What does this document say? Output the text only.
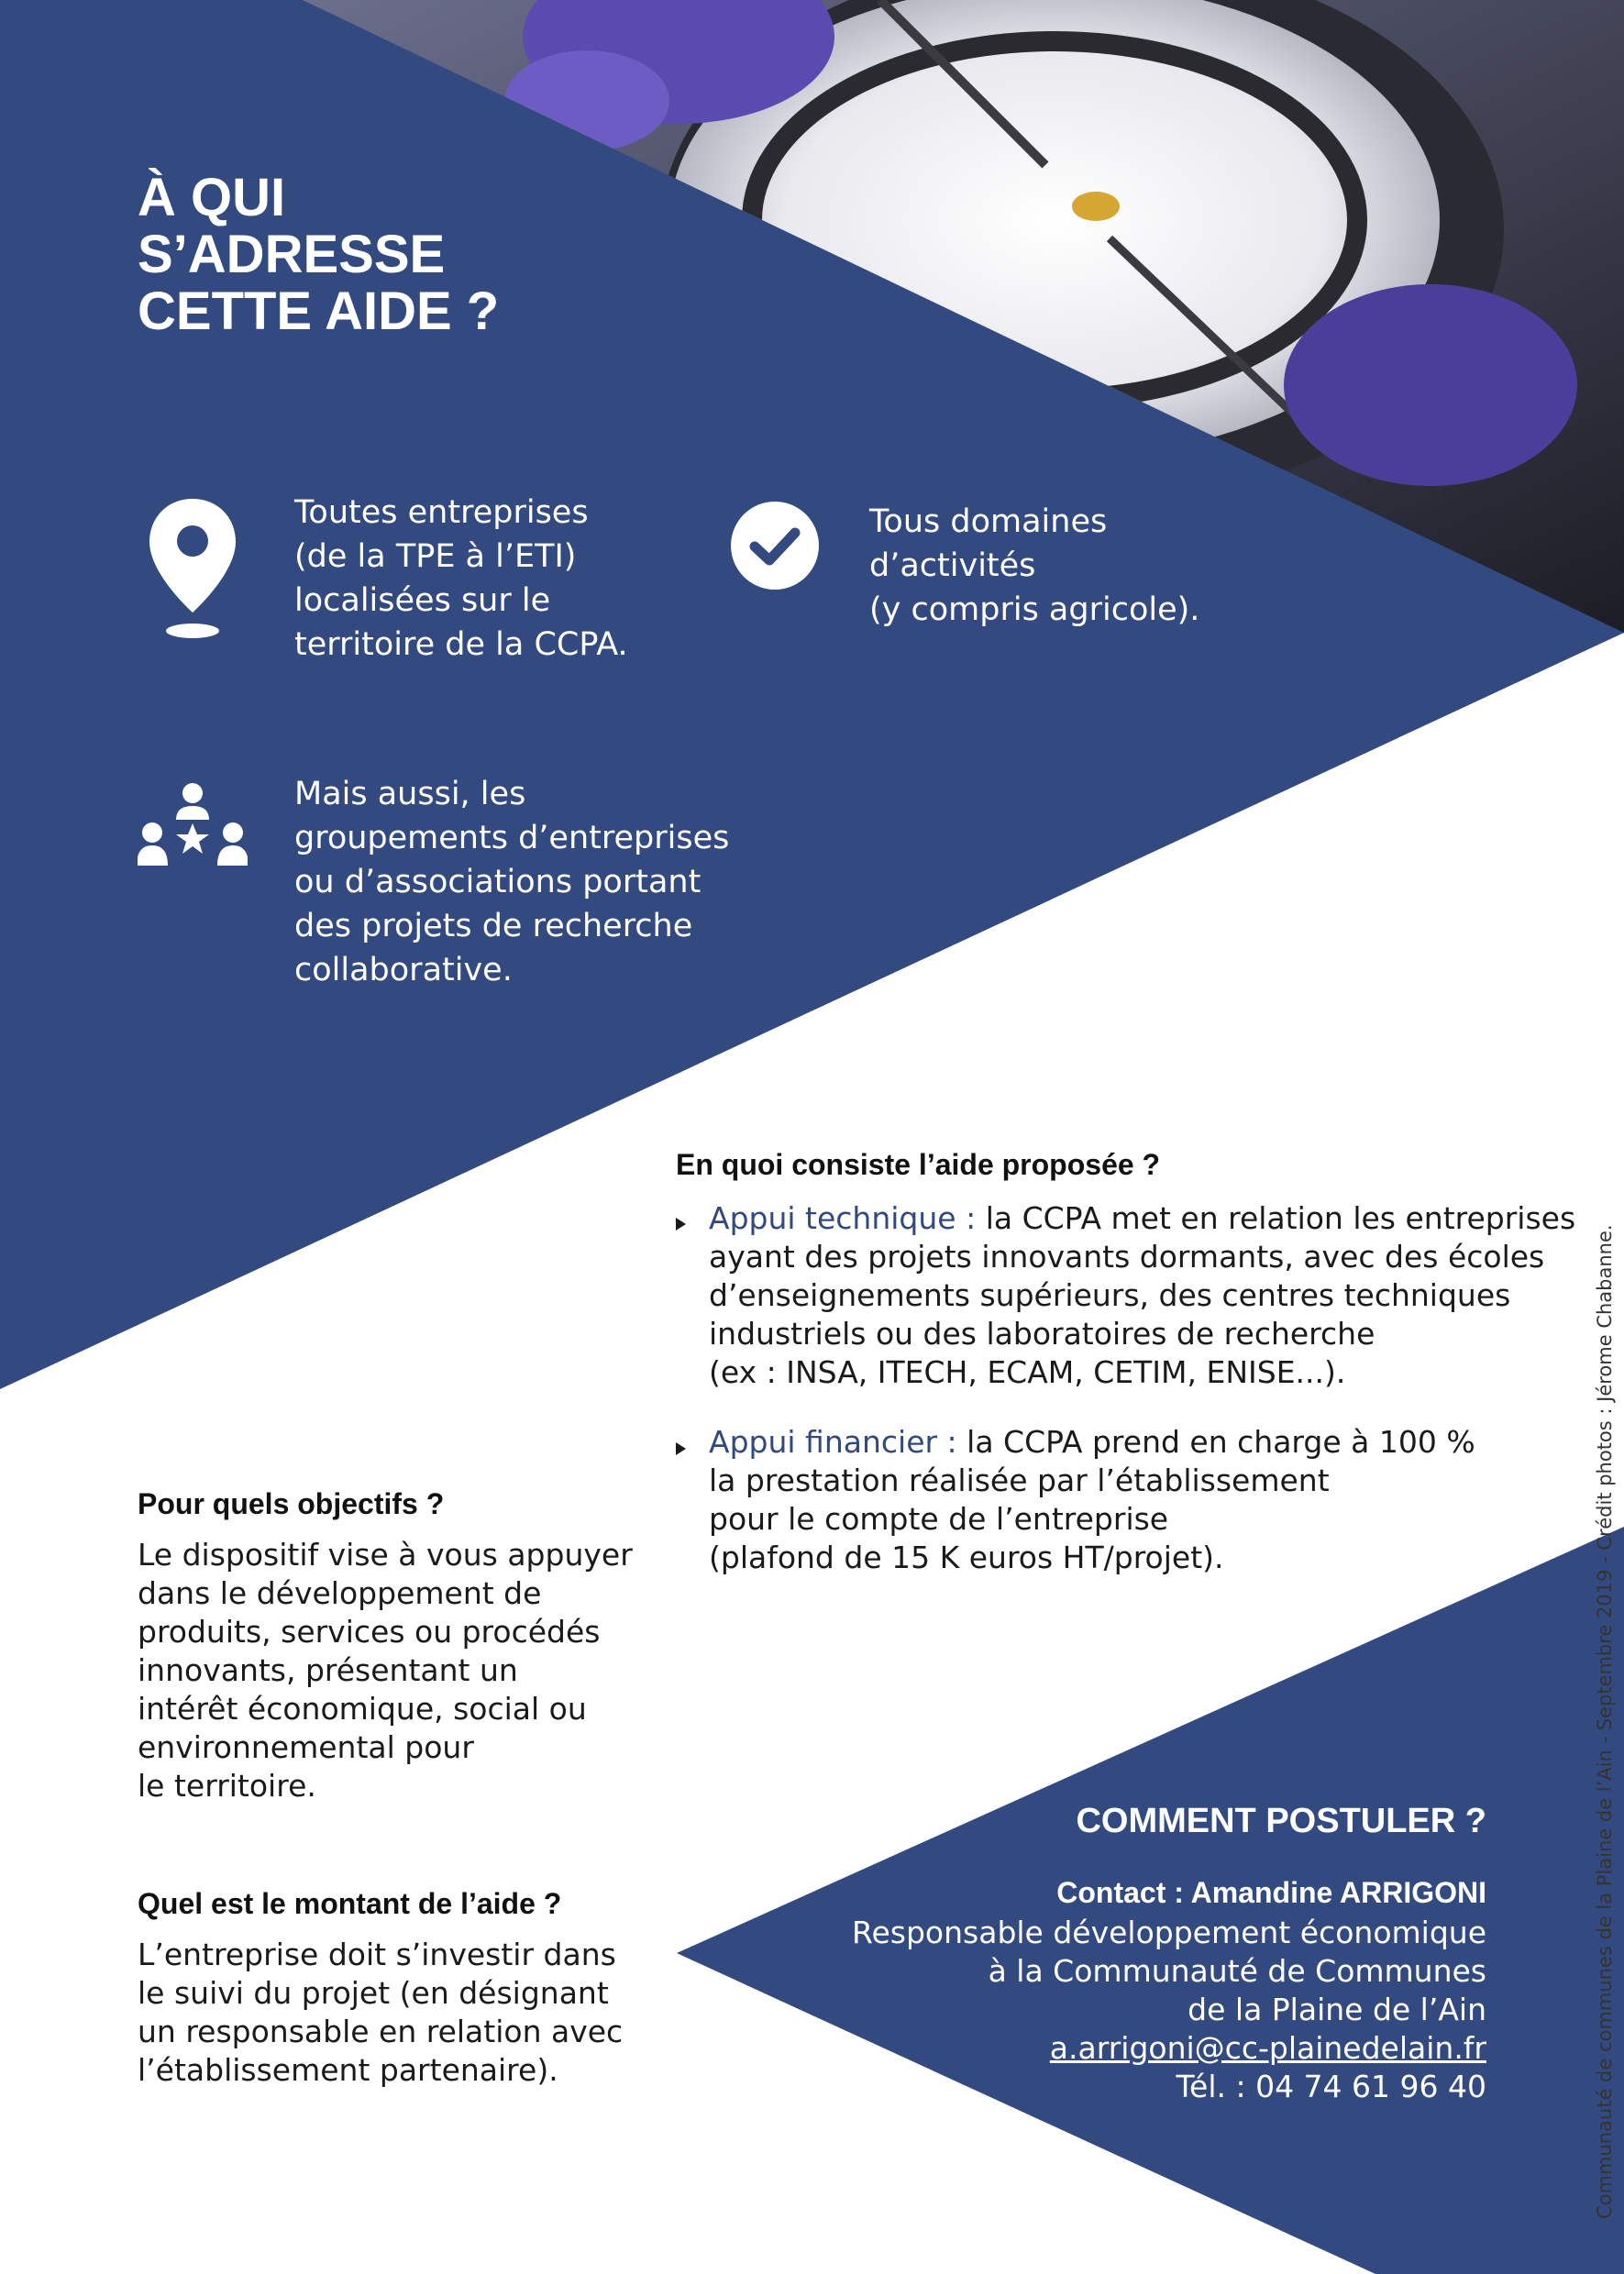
À QUI
S’ADRESSE
CETTE AIDE ?
Toutes entreprises
(de la TPE à l’ETI)
localisées sur le
territoire de la CCPA.
Tous domaines
d’activités
(y compris agricole).
Mais aussi, les
groupements d’entreprises
ou d’associations portant
des projets de recherche
collaborative.
En quoi consiste l’aide proposée ?
Appui technique : la CCPA met en relation les entreprises
ayant des projets innovants dormants, avec des écoles
d’enseignements supérieurs, des centres techniques
industriels ou des laboratoires de recherche
(ex : INSA, ITECH, ECAM, CETIM, ENISE...).
Appui financier : la CCPA prend en charge à 100 %
la prestation réalisée par l’établissement
pour le compte de l’entreprise
(plafond de 15 K euros HT/projet).
Pour quels objectifs ?
Le dispositif vise à vous appuyer
dans le développement de
produits, services ou procédés
innovants, présentant un
intérêt économique, social ou
environnemental pour
le territoire.
Quel est le montant de l’aide ?
L’entreprise doit s’investir dans
le suivi du projet (en désignant
un responsable en relation avec
l’établissement partenaire).
COMMENT POSTULER ?
Contact : Amandine ARRIGONI
Responsable développement économique
à la Communauté de Communes
de la Plaine de l’Ain
a.arrigoni@cc-plainedelain.fr
Tél. : 04 74 61 96 40	Communauté de communes de la Plaine de l’Ain - Septembre 2019 - Crédit photos : Jérome Chabanne.
